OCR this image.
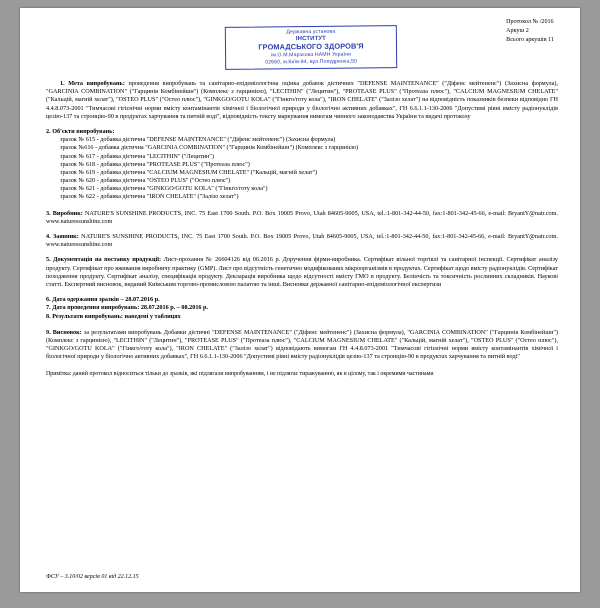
Протокол № /2016
Аркуш 2
Всього аркушів 11
Державна установа
ІНСТИТУТ
ГРОМАДСЬКОГО ЗДОРОВ'Я
ім.О.М.Марзєєва НАМН України
02660, м.Київ-94, вул.Попудренка,50

1. Мета випробувань: проведення випробувань та санітарно-епідеміологічна оцінка добавок дієтичних "DEFENSE MAINTENANCE" ("Діфенс мейтененс") (Захисна формула), "GARCINIA COMBINATION" ("Гарцинія Комбінейшн") (Комплекс з гарцинією), "LECITHIN" ("Лецитин"), "PROTEASE PLUS" ("Протеаза плюс"), "CALCIUM MAGNESIUM CHELATE" ("Кальцій, магній хелат"), "OSTEO PLUS" ("Остео плюс"), "GINKGO/GOTU KOLA" ("Гінкго/готу кола"), "IRON CHELATE" ("Залізо хелат") на відповідність показників безпеки відповідно ГН 4.4.8.073-2001 "Тимчасові гігієнічні норми вмісту контамінантів хімічної і біологічної природи у біологічно активних добавках", ГН 6.6.1.1-130-2006 "Допустимі рівні вмісту радіонуклідів цезію-137 та стронцію-90 в продуктах харчування та питній воді", відповідність тексту маркування вимогам чинного законодавства України та видачі протоколу

2. Об'єкти випробувань:

зразок № 615 - добавка дієтична "DEFENSE MAINTENANCE" ("Діфенс мейтененс") (Захисна формула)

зразок №616 - добавка дієтична "GARCINIA COMBINATION" ("Гарцинія Комбінейшн") (Комплекс з гарцинією)

зразок № 617 - добавка дієтична "LECITHIN" ("Лецитин")

зразок № 618 - добавка дієтична "PROTEASE PLUS" ("Протеаза плюс")

зразок № 619 - добавка дієтична "CALCIUM MAGNESIUM CHELATE" ("Кальцій, магній хелат")

зразок № 620 - добавка дієтична "OSTEO PLUS" ("Остео плюс")

зразок № 621 - добавка дієтична "GINKGO/GOTU KOLA" ("Гінкго/готу кола")

зразок № 622 - добавка дієтична "IRON CHELATE" ("Залізо хелат")

3. Виробник: NATURE'S SUNSHINE PRODUCTS, INC. 75 East 1700 South. P.O. Box 19005 Provo, Utah 84605-9005, USA, tel.:1-801-342-44-50, fax:1-801-342-45-66, e-mail: BryantY@natr.com. www.naturessunshine.com

4. Заявник: NATURE'S SUNSHINE PRODUCTS, INC. 75 East 1700 South. P.O. Box 19005 Provo, Utah 84605-9005, USA, tel.:1-801-342-44-50, fax:1-801-342-45-66, e-mail: BryantY@natr.com. www.naturessunshine.com

5. Документація на поставку продукції: Лист-прохання № 26604126 від 06.2016 р. Доручення фірми-виробника. Сертифікат вільної торгівлі та санітарної інспекції. Сертифікат аналізу продукту. Сертифікат про вживання виробничу практику (GMP). Лист про відсутність генетично модифікованих мікроорганізмів в продуктах. Сертифікат щодо вмісту радіонуклідів. Сертифікат походження продукту. Сертифікат аналізу, специфікація продукту. Декларація виробника щодо відсутності вмісту ГМО в продукту. Белінчість та токсичність рослинних складників. Наукові статті. Експертний висновок, виданий Київським торгово-промисловою палатою та інші. Висновки державної санітарно-епідеміологічної експертизи

6. Дата одержання зразків – 28.07.2016 р.

7. Дата проведення випробувань: 28.07.2016 р. – 08.2016 р.

8. Результати випробувань: наведені у таблицях

9. Висновок: за результатами випробувань Добавки дієтичні "DEFENSE MAINTENANCE" ("Діфенс мейтененс") (Захисна формула), "GARCINIA COMBINATION" ("Гарцинія Комбінейшн") (Комплекс з гарцинією), "LECITHIN" ("Лецитин"), "PROTEASE PLUS" ("Протеаза плюс"), "CALCIUM MAGNESIUM CHELATE" ("Кальцій, магній хелат"), "OSTEO PLUS" ("Остео плюс"), "GINKGO/GOTU KOLA" ("Гінкго/готу кола"), "IRON CHELATE" ("Залізо хелат") відповідають вимогам ГН 4.4.8.073-2001 "Тимчасові гігієнічні норми вмісту контамінантів хімічної і біологічної природи у біологічно активних добавках", ГН 6.6.1.1-130-2006 "Допустимі рівні вмісту радіонуклідів цезію-137 та стронцію-90 в продуктах харчування та питній воді"

Примітка: даний протокол відноситься тільки до зразків, які підлягали випробуванням, і не підлягає тиражуванню, як в цілому, так і окремими частинами

ФСУ – 3.10/02 версія 01 від 22.12.15
